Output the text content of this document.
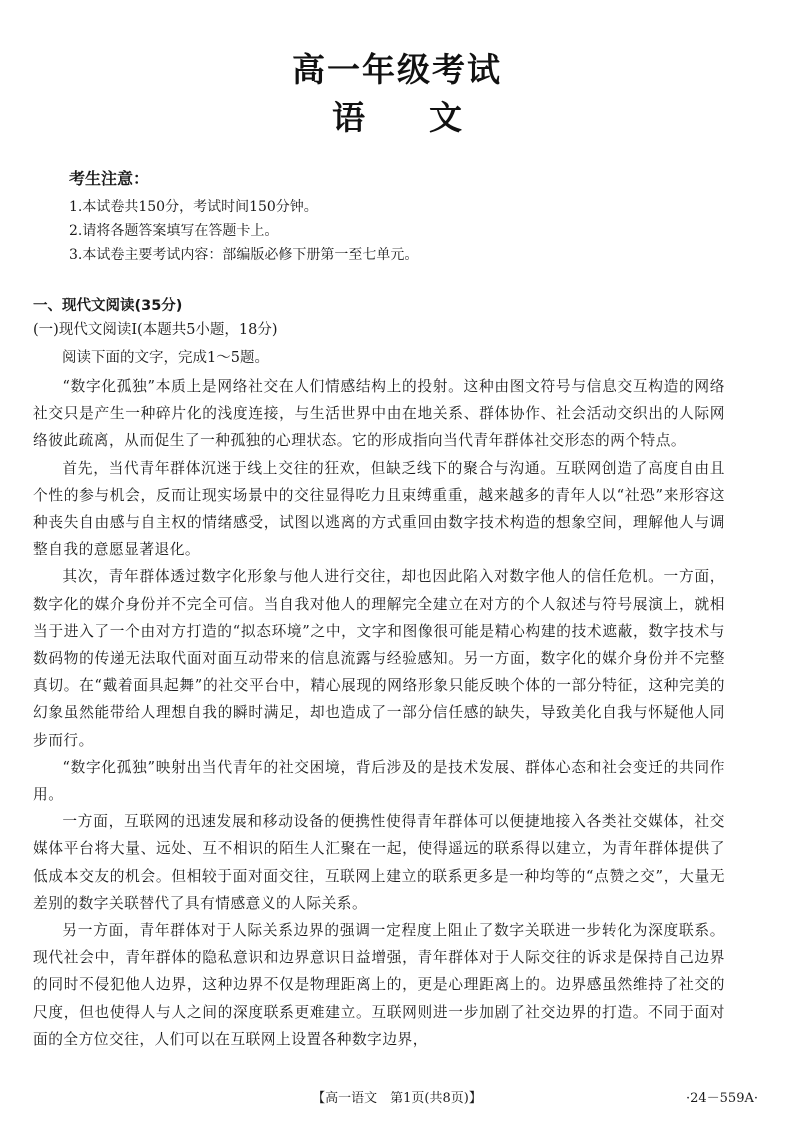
高一年级考试
语 文
考生注意：
1.本试卷共150分，考试时间150分钟。
2.请将各题答案填写在答题卡上。
3.本试卷主要考试内容：部编版必修下册第一至七单元。
一、现代文阅读(35分)
(一)现代文阅读Ⅰ(本题共5小题，18分)
阅读下面的文字，完成1～5题。

“数字化孤独”本质上是网络社交在人们情感结构上的投射。这种由图文符号与信息交互构造的网络社交只是产生一种碎片化的浅度连接，与生活世界中由在地关系、群体协作、社会活动交织出的人际网络彼此疏离，从而促生了一种孤独的心理状态。它的形成指向当代青年群体社交形态的两个特点。

首先，当代青年群体沉迷于线上交往的狂欢，但缺乏线下的聚合与沟通。互联网创造了高度自由且个性的参与机会，反而让现实场景中的交往显得吃力且束缚重重，越来越多的青年人以“社恐”来形容这种丧失自由感与自主权的情绪感受，试图以逃离的方式重回由数字技术构造的想象空间，理解他人与调整自我的意愿显著退化。

其次，青年群体透过数字化形象与他人进行交往，却也因此陷入对数字他人的信任危机。一方面，数字化的媒介身份并不完全可信。当自我对他人的理解完全建立在对方的个人叙述与符号展演上，就相当于进入了一个由对方打造的“拟态环境”之中，文字和图像很可能是精心构建的技术遮蔽，数字技术与数码物的传递无法取代面对面互动带来的信息流露与经验感知。另一方面，数字化的媒介身份并不完整真切。在“戴着面具起舞”的社交平台中，精心展现的网络形象只能反映个体的一部分特征，这种完美的幻象虽然能带给人理想自我的瞬时满足，却也造成了一部分信任感的缺失，导致美化自我与怀疑他人同步而行。

“数字化孤独”映射出当代青年的社交困境，背后涉及的是技术发展、群体心态和社会变迁的共同作用。

一方面，互联网的迅速发展和移动设备的便携性使得青年群体可以便捷地接入各类社交媒体，社交媒体平台将大量、远处、互不相识的陌生人汇聚在一起，使得遥远的联系得以建立，为青年群体提供了低成本交友的机会。但相较于面对面交往，互联网上建立的联系更多是一种均等的“点赞之交”，大量无差别的数字关联替代了具有情感意义的人际关系。

另一方面，青年群体对于人际关系边界的强调一定程度上阻止了数字关联进一步转化为深度联系。现代社会中，青年群体的隐私意识和边界意识日益增强，青年群体对于人际交往的诉求是保持自己边界的同时不侵犯他人边界，这种边界不仅是物理距离上的，更是心理距离上的。边界感虽然维持了社交的尺度，但也使得人与人之间的深度联系更难建立。互联网则进一步加剧了社交边界的打造。不同于面对面的全方位交往，人们可以在互联网上设置各种数字边界，

【高一语文　第1页(共8页)】	·24－559A·
